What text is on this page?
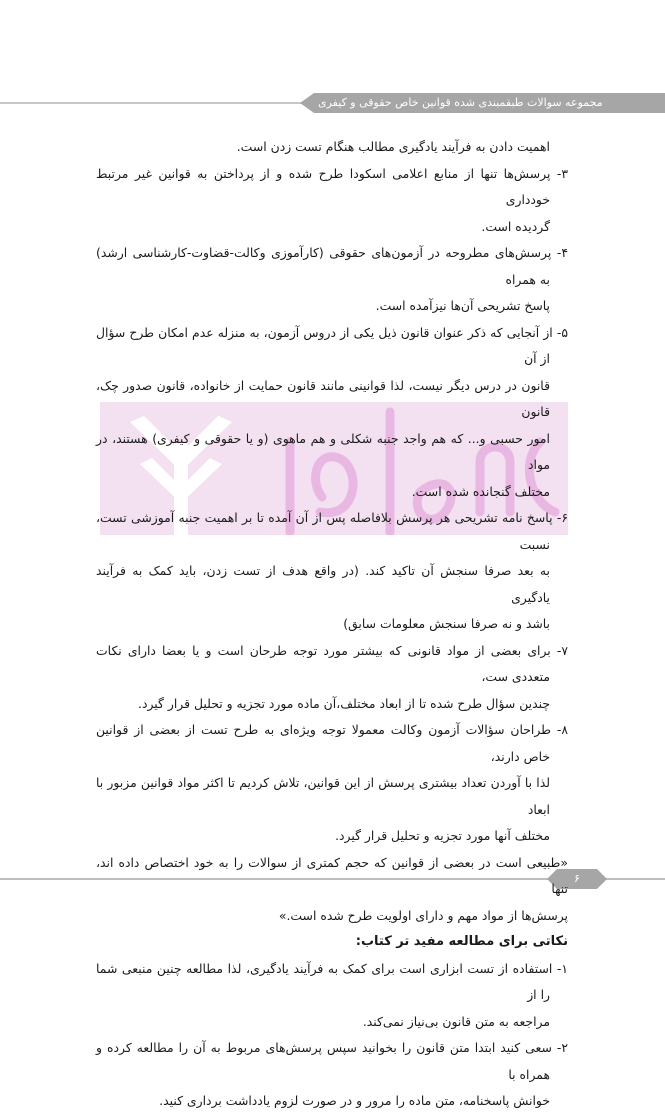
مجموعه سوالات طبقمبندی شده قوانین خاص حقوقی و کیفری

اهمیت دادن به فرآیند یادگیری مطالب هنگام تست زدن است.

۳- پرسش‌ها تنها از منابع اعلامی اسکودا طرح شده و از پرداختن به قوانین غیر مرتبط خودداری

گردیده است.

۴- پرسش‌های مطروحه در آزمون‌های حقوقی (کارآموزی وکالت-قضاوت-کارشناسی ارشد) به همراه

پاسخ تشریحی آن‌ها نیزآمده است.

۵- از آنجایی که ذکر عنوان قانون ذیل یکی از دروس آزمون، به منزله عدم امکان طرح سؤال از آن

قانون در درس دیگر نیست، لذا قوانینی مانند قانون حمایت از خانواده، قانون صدور چک، قانون

امور حسبی و... که هم واجد جنبه شکلی و هم ماهوی (و یا حقوقی و کیفری) هستند، در مواد

مختلف گنجانده شده است.

۶- پاسخ نامه تشریحی هر پرسش بلافاصله پس از آن آمده تا بر اهمیت جنبه آموزشی تست، نسبت

به بعد صرفا سنجش آن تاکید کند. (در واقع هدف از تست زدن، باید کمک به فرآیند یادگیری

باشد و نه صرفا سنجش معلومات سابق)

۷- برای بعضی از مواد قانونی که بیشتر مورد توجه طرحان است و یا بعضا دارای نکات متعددی ست،

چندین سؤال طرح شده تا از ابعاد مختلف،آن ماده مورد تجزیه و تحلیل قرار گیرد.

۸- طراحان سؤالات آزمون وکالت معمولا توجه ویژه‌ای به طرح تست از بعضی از قوانین خاص دارند،

لذا با آوردن تعداد بیشتری پرسش از این قوانین، تلاش کردیم تا اکثر مواد قوانین مزبور با ابعاد

مختلف آنها مورد تجزیه و تحلیل قرار گیرد.

«طبیعی است در بعضی از قوانین که حجم کمتری از سوالات را به خود اختصاص داده اند، تنها

پرسش‌ها از مواد مهم و دارای اولویت طرح شده است.»

نکاتی برای مطالعه مفید تر کتاب:

۱- استفاده از تست ابزاری است برای کمک به فرآیند یادگیری، لذا مطالعه چنین منبعی شما را از

مراجعه به متن قانون بی‌نیاز نمی‌کند.

۲- سعی کنید ابتدا متن قانون را بخوانید سپس پرسش‌های مربوط به آن را مطالعه کرده و همراه با

خوانش پاسخنامه، متن ماده را مرور و در صورت لزوم یادداشت برداری کنید.

۶
